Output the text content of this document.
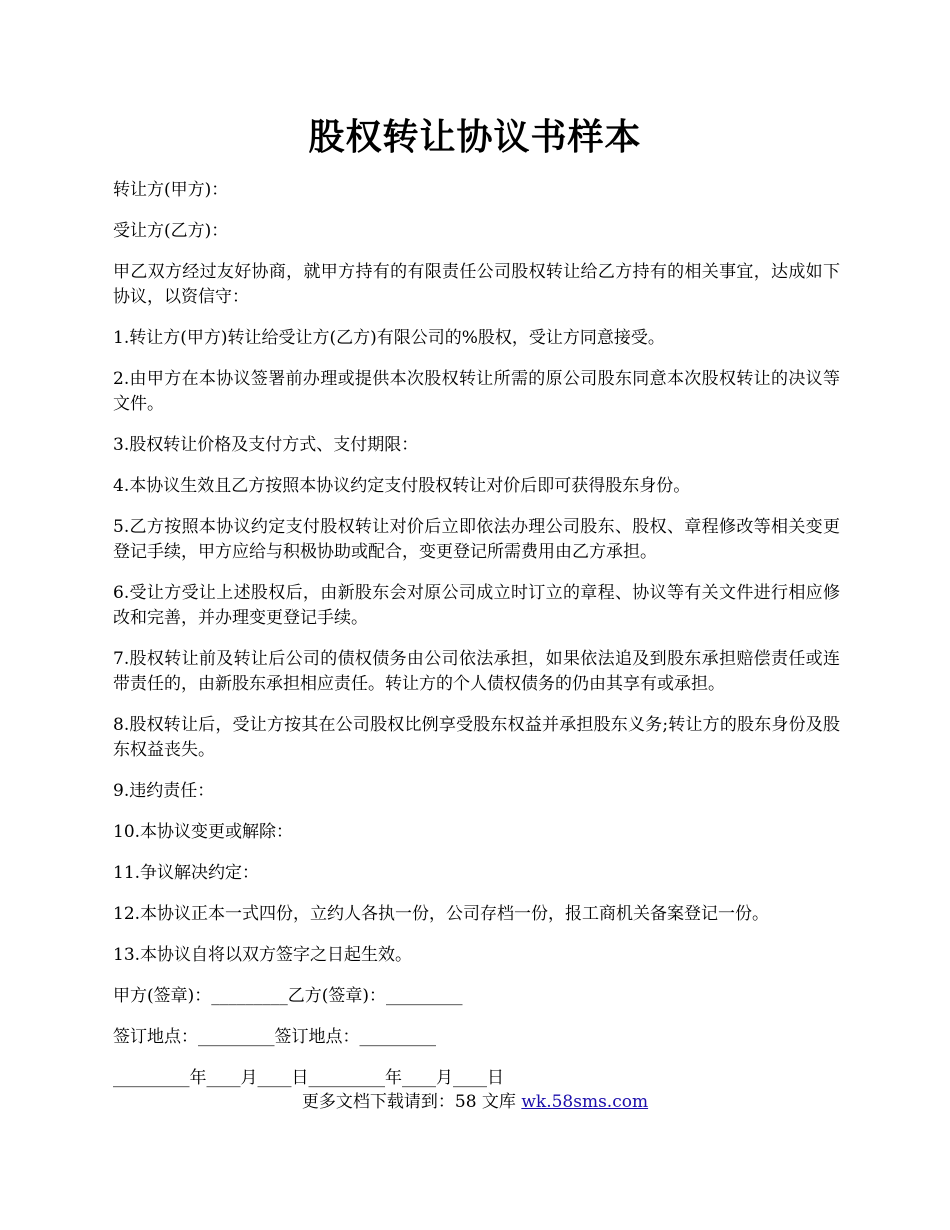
股权转让协议书样本

转让方(甲方)：

受让方(乙方)：

甲乙双方经过友好协商，就甲方持有的有限责任公司股权转让给乙方持有的相关事宜，达成如下协议，以资信守：

1.转让方(甲方)转让给受让方(乙方)有限公司的%股权，受让方同意接受。

2.由甲方在本协议签署前办理或提供本次股权转让所需的原公司股东同意本次股权转让的决议等文件。

3.股权转让价格及支付方式、支付期限：

4.本协议生效且乙方按照本协议约定支付股权转让对价后即可获得股东身份。

5.乙方按照本协议约定支付股权转让对价后立即依法办理公司股东、股权、章程修改等相关变更登记手续，甲方应给与积极协助或配合，变更登记所需费用由乙方承担。

6.受让方受让上述股权后，由新股东会对原公司成立时订立的章程、协议等有关文件进行相应修改和完善，并办理变更登记手续。

7.股权转让前及转让后公司的债权债务由公司依法承担，如果依法追及到股东承担赔偿责任或连带责任的，由新股东承担相应责任。转让方的个人债权债务的仍由其享有或承担。

8.股权转让后，受让方按其在公司股权比例享受股东权益并承担股东义务;转让方的股东身份及股东权益丧失。

9.违约责任：

10.本协议变更或解除：

11.争议解决约定：

12.本协议正本一式四份，立约人各执一份，公司存档一份，报工商机关备案登记一份。

13.本协议自将以双方签字之日起生效。

甲方(签章)：_________乙方(签章)：_________

签订地点：_________签订地点：_________

_________年____月____日_________年____月____日

更多文档下载请到：58 文库 wk.58sms.com
